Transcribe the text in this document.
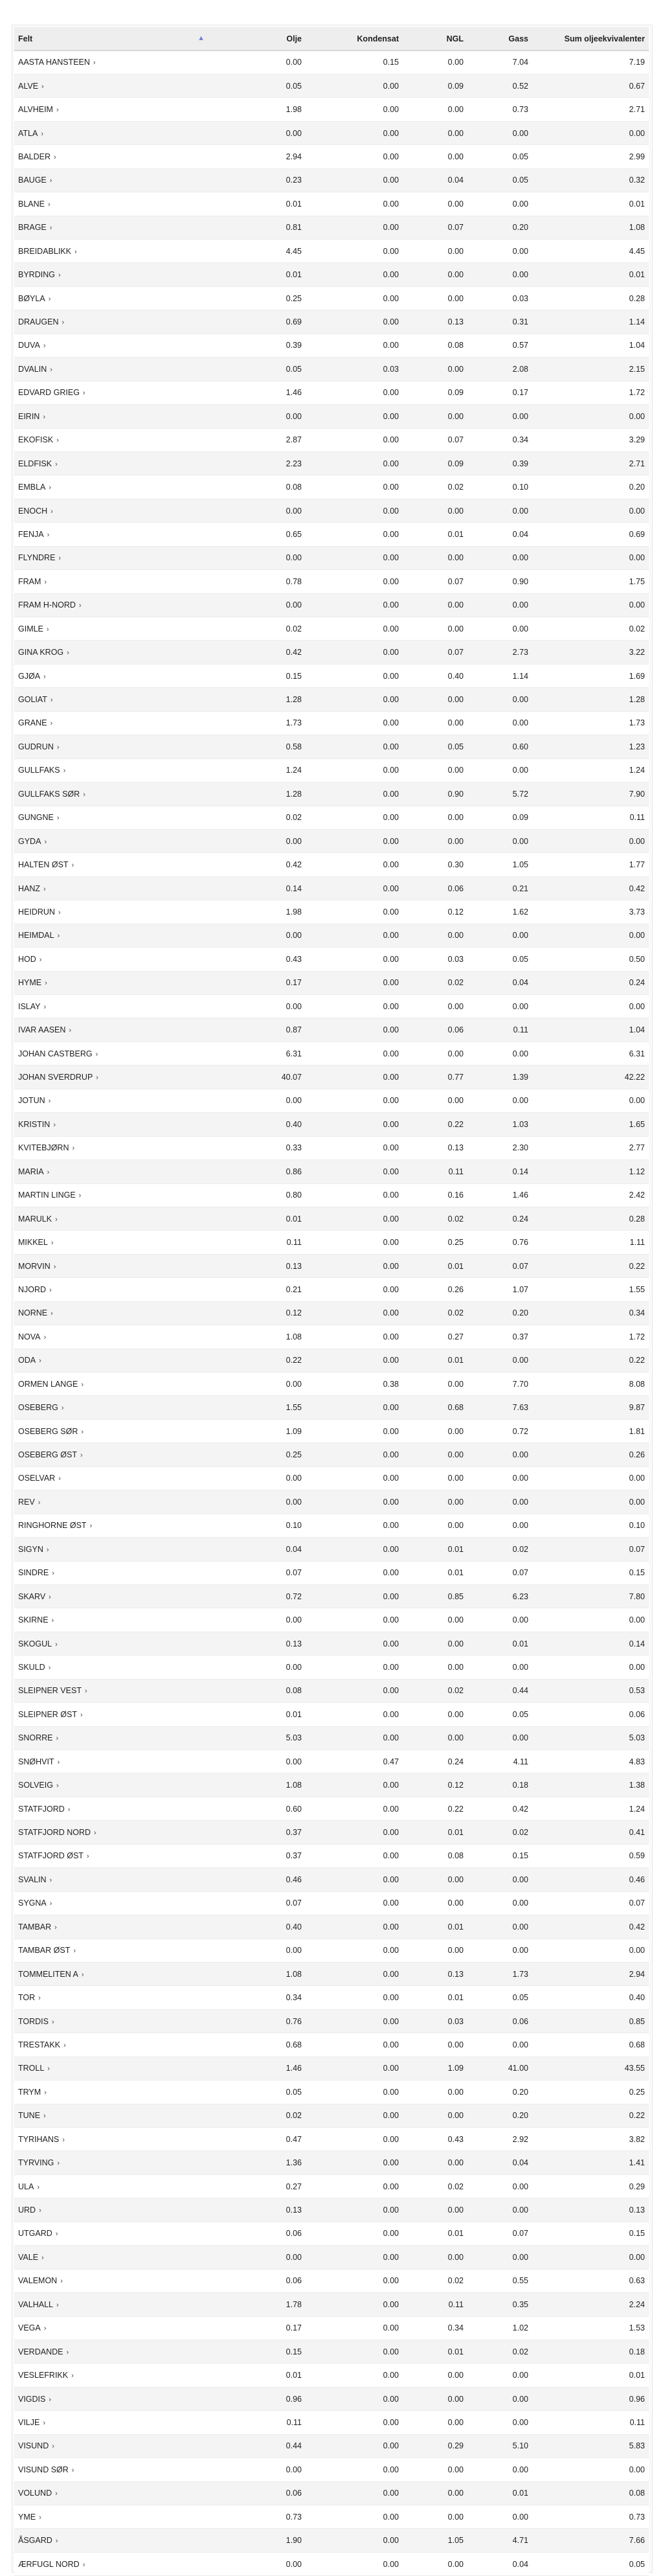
Felt ▲	Olje	Kondensat	NGL	Gass	Sum oljeekvivalenter
AASTA HANSTEEN ›	0.00	0.15	0.00	7.04	7.19
ALVE ›	0.05	0.00	0.09	0.52	0.67
ALVHEIM ›	1.98	0.00	0.00	0.73	2.71
ATLA ›	0.00	0.00	0.00	0.00	0.00
BALDER ›	2.94	0.00	0.00	0.05	2.99
BAUGE ›	0.23	0.00	0.04	0.05	0.32
BLANE ›	0.01	0.00	0.00	0.00	0.01
BRAGE ›	0.81	0.00	0.07	0.20	1.08
BREIDABLIKK ›	4.45	0.00	0.00	0.00	4.45
BYRDING ›	0.01	0.00	0.00	0.00	0.01
BØYLA ›	0.25	0.00	0.00	0.03	0.28
DRAUGEN ›	0.69	0.00	0.13	0.31	1.14
DUVA ›	0.39	0.00	0.08	0.57	1.04
DVALIN ›	0.05	0.03	0.00	2.08	2.15
EDVARD GRIEG ›	1.46	0.00	0.09	0.17	1.72
EIRIN ›	0.00	0.00	0.00	0.00	0.00
EKOFISK ›	2.87	0.00	0.07	0.34	3.29
ELDFISK ›	2.23	0.00	0.09	0.39	2.71
EMBLA ›	0.08	0.00	0.02	0.10	0.20
ENOCH ›	0.00	0.00	0.00	0.00	0.00
FENJA ›	0.65	0.00	0.01	0.04	0.69
FLYNDRE ›	0.00	0.00	0.00	0.00	0.00
FRAM ›	0.78	0.00	0.07	0.90	1.75
FRAM H-NORD ›	0.00	0.00	0.00	0.00	0.00
GIMLE ›	0.02	0.00	0.00	0.00	0.02
GINA KROG ›	0.42	0.00	0.07	2.73	3.22
GJØA ›	0.15	0.00	0.40	1.14	1.69
GOLIAT ›	1.28	0.00	0.00	0.00	1.28
GRANE ›	1.73	0.00	0.00	0.00	1.73
GUDRUN ›	0.58	0.00	0.05	0.60	1.23
GULLFAKS ›	1.24	0.00	0.00	0.00	1.24
GULLFAKS SØR ›	1.28	0.00	0.90	5.72	7.90
GUNGNE ›	0.02	0.00	0.00	0.09	0.11
GYDA ›	0.00	0.00	0.00	0.00	0.00
HALTEN ØST ›	0.42	0.00	0.30	1.05	1.77
HANZ ›	0.14	0.00	0.06	0.21	0.42
HEIDRUN ›	1.98	0.00	0.12	1.62	3.73
HEIMDAL ›	0.00	0.00	0.00	0.00	0.00
HOD ›	0.43	0.00	0.03	0.05	0.50
HYME ›	0.17	0.00	0.02	0.04	0.24
ISLAY ›	0.00	0.00	0.00	0.00	0.00
IVAR AASEN ›	0.87	0.00	0.06	0.11	1.04
JOHAN CASTBERG ›	6.31	0.00	0.00	0.00	6.31
JOHAN SVERDRUP ›	40.07	0.00	0.77	1.39	42.22
JOTUN ›	0.00	0.00	0.00	0.00	0.00
KRISTIN ›	0.40	0.00	0.22	1.03	1.65
KVITEBJØRN ›	0.33	0.00	0.13	2.30	2.77
MARIA ›	0.86	0.00	0.11	0.14	1.12
MARTIN LINGE ›	0.80	0.00	0.16	1.46	2.42
MARULK ›	0.01	0.00	0.02	0.24	0.28
MIKKEL ›	0.11	0.00	0.25	0.76	1.11
MORVIN ›	0.13	0.00	0.01	0.07	0.22
NJORD ›	0.21	0.00	0.26	1.07	1.55
NORNE ›	0.12	0.00	0.02	0.20	0.34
NOVA ›	1.08	0.00	0.27	0.37	1.72
ODA ›	0.22	0.00	0.01	0.00	0.22
ORMEN LANGE ›	0.00	0.38	0.00	7.70	8.08
OSEBERG ›	1.55	0.00	0.68	7.63	9.87
OSEBERG SØR ›	1.09	0.00	0.00	0.72	1.81
OSEBERG ØST ›	0.25	0.00	0.00	0.00	0.26
OSELVAR ›	0.00	0.00	0.00	0.00	0.00
REV ›	0.00	0.00	0.00	0.00	0.00
RINGHORNE ØST ›	0.10	0.00	0.00	0.00	0.10
SIGYN ›	0.04	0.00	0.01	0.02	0.07
SINDRE ›	0.07	0.00	0.01	0.07	0.15
SKARV ›	0.72	0.00	0.85	6.23	7.80
SKIRNE ›	0.00	0.00	0.00	0.00	0.00
SKOGUL ›	0.13	0.00	0.00	0.01	0.14
SKULD ›	0.00	0.00	0.00	0.00	0.00
SLEIPNER VEST ›	0.08	0.00	0.02	0.44	0.53
SLEIPNER ØST ›	0.01	0.00	0.00	0.05	0.06
SNORRE ›	5.03	0.00	0.00	0.00	5.03
SNØHVIT ›	0.00	0.47	0.24	4.11	4.83
SOLVEIG ›	1.08	0.00	0.12	0.18	1.38
STATFJORD ›	0.60	0.00	0.22	0.42	1.24
STATFJORD NORD ›	0.37	0.00	0.01	0.02	0.41
STATFJORD ØST ›	0.37	0.00	0.08	0.15	0.59
SVALIN ›	0.46	0.00	0.00	0.00	0.46
SYGNA ›	0.07	0.00	0.00	0.00	0.07
TAMBAR ›	0.40	0.00	0.01	0.00	0.42
TAMBAR ØST ›	0.00	0.00	0.00	0.00	0.00
TOMMELITEN A ›	1.08	0.00	0.13	1.73	2.94
TOR ›	0.34	0.00	0.01	0.05	0.40
TORDIS ›	0.76	0.00	0.03	0.06	0.85
TRESTAKK ›	0.68	0.00	0.00	0.00	0.68
TROLL ›	1.46	0.00	1.09	41.00	43.55
TRYM ›	0.05	0.00	0.00	0.20	0.25
TUNE ›	0.02	0.00	0.00	0.20	0.22
TYRIHANS ›	0.47	0.00	0.43	2.92	3.82
TYRVING ›	1.36	0.00	0.00	0.04	1.41
ULA ›	0.27	0.00	0.02	0.00	0.29
URD ›	0.13	0.00	0.00	0.00	0.13
UTGARD ›	0.06	0.00	0.01	0.07	0.15
VALE ›	0.00	0.00	0.00	0.00	0.00
VALEMON ›	0.06	0.00	0.02	0.55	0.63
VALHALL ›	1.78	0.00	0.11	0.35	2.24
VEGA ›	0.17	0.00	0.34	1.02	1.53
VERDANDE ›	0.15	0.00	0.01	0.02	0.18
VESLEFRIKK ›	0.01	0.00	0.00	0.00	0.01
VIGDIS ›	0.96	0.00	0.00	0.00	0.96
VILJE ›	0.11	0.00	0.00	0.00	0.11
VISUND ›	0.44	0.00	0.29	5.10	5.83
VISUND SØR ›	0.00	0.00	0.00	0.00	0.00
VOLUND ›	0.06	0.00	0.00	0.01	0.08
YME ›	0.73	0.00	0.00	0.00	0.73
ÅSGARD ›	1.90	0.00	1.05	4.71	7.66
ÆRFUGL NORD ›	0.00	0.00	0.00	0.04	0.05
